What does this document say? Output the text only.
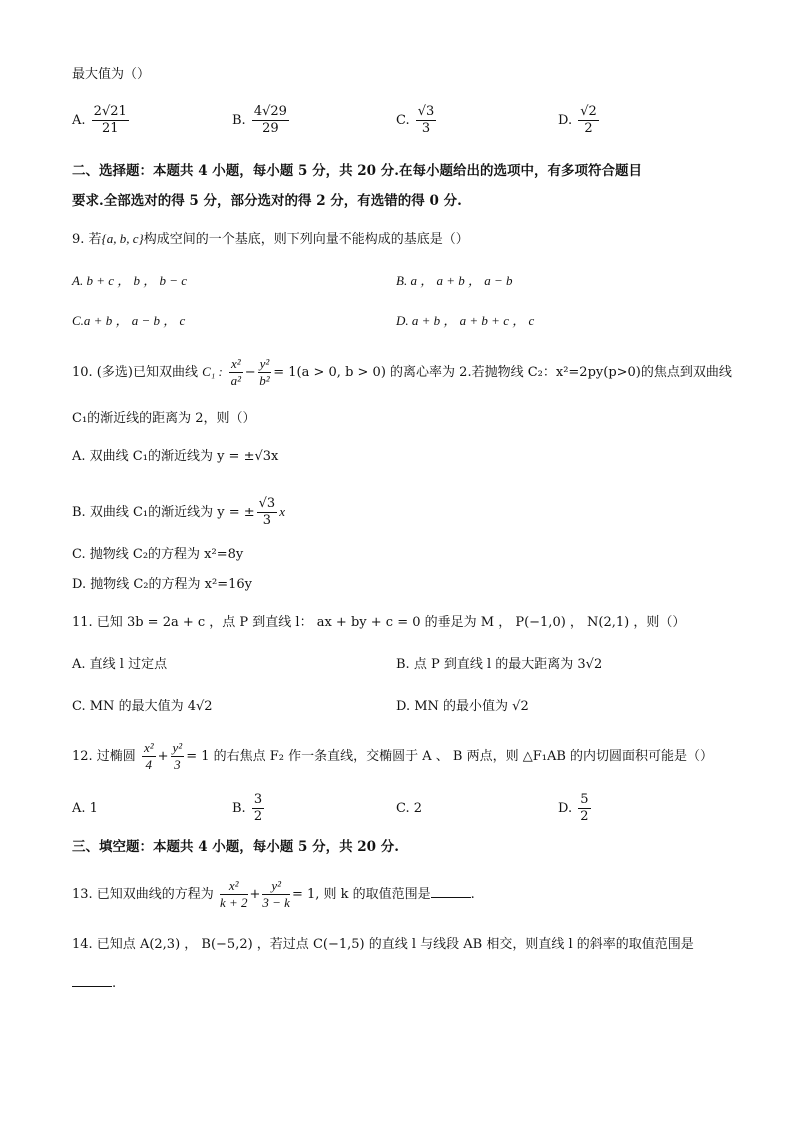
最大值为（）
A. $\frac{2√21}{21}$	B. $\frac{4√29}{29}$	C. $\frac{√3}{3}$	D. $\frac{√2}{2}$
二、选择题：本题共 4 小题，每小题 5 分，共 20 分.在每小题给出的选项中，有多项符合题目
要求.全部选对的得 5 分，部分选对的得 2 分，有选错的得 0 分.
9. 若{a, b, c}构成空间的一个基底，则下列向量不能构成的基底是（）
A. b + c ， b ， b − c	B. a ， a + b ， a − b
C.a + b ， a − b ， c	D. a + b ， a + b + c ， c
10. (多选)已知双曲线 C₁ : $\frac{\text{x²}}{\text{a²}} - \frac{\text{y²}}{\text{b²}} = 1(a > 0$, b > 0) 的离心率为 2.若抛物线 C₂：x²=2py(p>0)的焦点到双曲线
C₁的渐近线的距离为 2，则（）
A. 双曲线 C₁的渐近线为 y = ±√3x
B. 双曲线 C₁的渐近线为 y = ± $\frac{√3}{3}$ x
C. 抛物线 C₂的方程为 x²=8y
D. 抛物线 C₂的方程为 x²=16y
11. 已知 3b = 2a + c ，点 P 到直线 l： ax + by + c = 0 的垂足为 M ， P(−1,0) ， N(2,1) ，则（）
A. 直线 l 过定点	B. 点 P 到直线 l 的最大距离为 3√2
C. MN 的最大值为 4√2	D. MN 的最小值为 √2
12. 过椭圆 $\frac{\text{x²}}{4} + \frac{\text{y²}}{3} = 1$ 的右焦点 F₂ 作一条直线，交椭圆于 A 、 B 两点，则 △F₁AB 的内切圆面积可能是（）
A. 1	B. $\frac{3}{2}$	C. 2	D. $\frac{5}{2}$
三、填空题：本题共 4 小题，每小题 5 分，共 20 分.
13. 已知双曲线的方程为 $\frac{\text{x²}}{k + 2} + \frac{\text{y²}}{3 - k} = 1$, 则 k 的取值范围是	.
14. 已知点 A(2,3) ， B(−5,2) ，若过点 C(−1,5) 的直线 l 与线段 AB 相交，则直线 l 的斜率的取值范围是
.
